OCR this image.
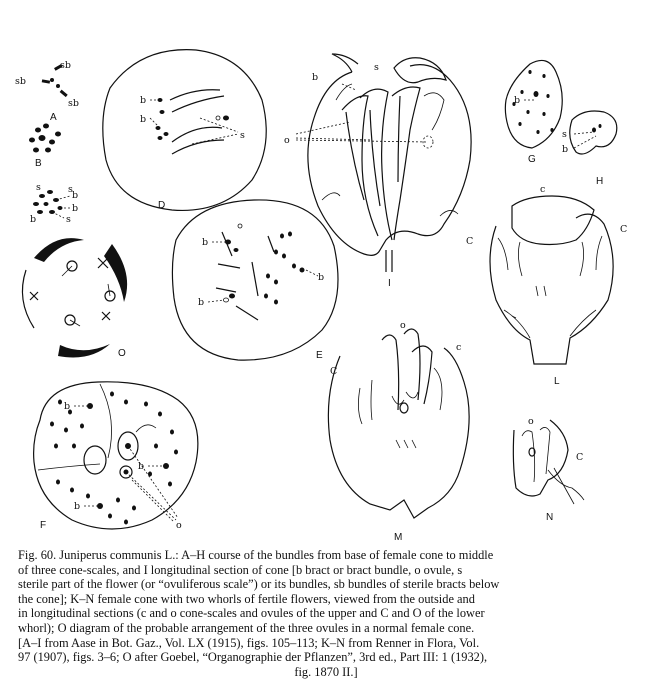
sb
sb
sb
A
B
s
b
s
b
s
b
O
b
b
s
D
b
b
b
E
b
b
b
o
F
b
s
o
I
b
G
s
b
H
c
C
C
L
o
c
C
M
o
C
N
Fig. 60. Juniperus communis L.: A–H course of the bundles from base of female cone to middle
of three cone-scales, and I longitudinal section of cone [b bract or bract bundle, o ovule, s
sterile part of the flower (or “ovuliferous scale”) or its bundles, sb bundles of sterile bracts below
the cone]; K–N female cone with two whorls of fertile flowers, viewed from the outside and
in longitudinal sections (c and o cone-scales and ovules of the upper and C and O of the lower
whorl); O diagram of the probable arrangement of the three ovules in a normal female cone.
[A–I from Aase in Bot. Gaz., Vol. LX (1915), figs. 105–113; K–N from Renner in Flora, Vol.
97 (1907), figs. 3–6; O after Goebel, “Organographie der Pflanzen”, 3rd ed., Part III: 1 (1932),
fig. 1870 II.]
